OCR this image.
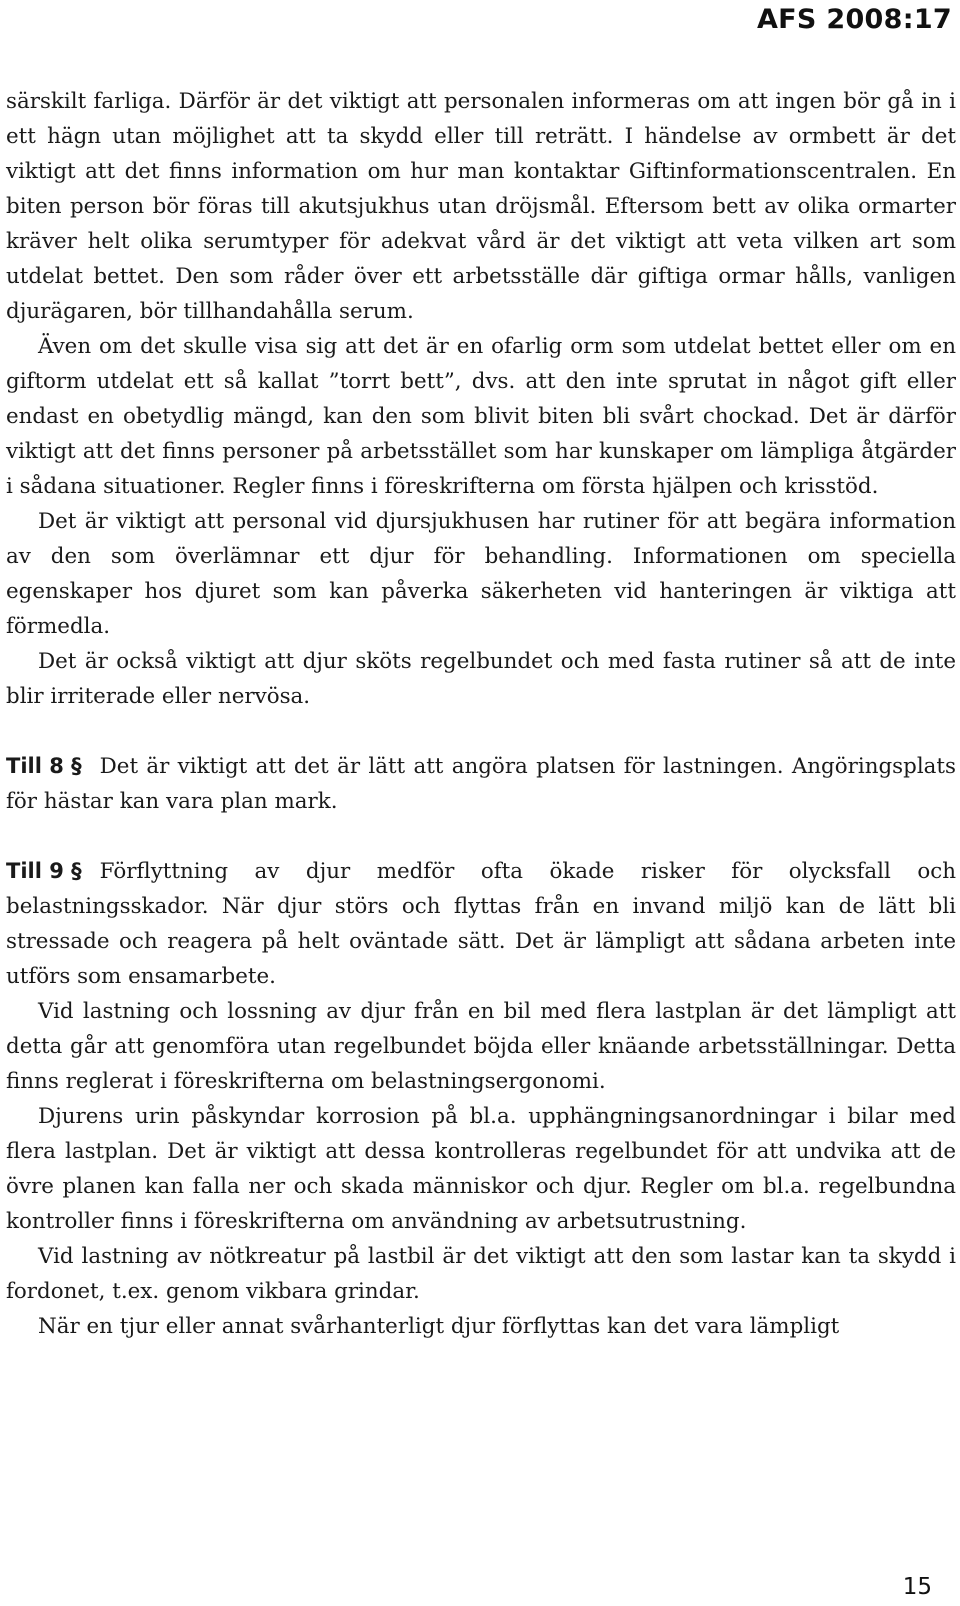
AFS 2008:17

särskilt farliga. Därför är det viktigt att personalen informeras om att ingen bör gå in i ett hägn utan möjlighet att ta skydd eller till reträtt. I händelse av ormbett är det viktigt att det finns information om hur man kontaktar Giftinformationscentralen. En biten person bör föras till akutsjukhus utan dröjsmål. Eftersom bett av olika ormarter kräver helt olika serumtyper för adekvat vård är det viktigt att veta vilken art som utdelat bettet. Den som råder över ett arbetsställe där giftiga ormar hålls, vanligen djurägaren, bör tillhandahålla serum.

Även om det skulle visa sig att det är en ofarlig orm som utdelat bettet eller om en giftorm utdelat ett så kallat ”torrt bett”, dvs. att den inte sprutat in något gift eller endast en obetydlig mängd, kan den som blivit biten bli svårt chockad. Det är därför viktigt att det finns personer på arbetsstället som har kunskaper om lämpliga åtgärder i sådana situationer. Regler finns i föreskrifterna om första hjälpen och krisstöd.

Det är viktigt att personal vid djursjukhusen har rutiner för att begära information av den som överlämnar ett djur för behandling. Informationen om speciella egenskaper hos djuret som kan påverka säkerheten vid hanteringen är viktiga att förmedla.

Det är också viktigt att djur sköts regelbundet och med fasta rutiner så att de inte blir irriterade eller nervösa.

Till 8 § Det är viktigt att det är lätt att angöra platsen för lastningen. Angöringsplats för hästar kan vara plan mark.

Till 9 § Förflyttning av djur medför ofta ökade risker för olycksfall och belastningsskador. När djur störs och flyttas från en invand miljö kan de lätt bli stressade och reagera på helt oväntade sätt. Det är lämpligt att sådana arbeten inte utförs som ensamarbete.

Vid lastning och lossning av djur från en bil med flera lastplan är det lämpligt att detta går att genomföra utan regelbundet böjda eller knäande arbetsställningar. Detta finns reglerat i föreskrifterna om belastningsergonomi.

Djurens urin påskyndar korrosion på bl.a. upphängningsanordningar i bilar med flera lastplan. Det är viktigt att dessa kontrolleras regelbundet för att undvika att de övre planen kan falla ner och skada människor och djur. Regler om bl.a. regelbundna kontroller finns i föreskrifterna om användning av arbetsutrustning.

Vid lastning av nötkreatur på lastbil är det viktigt att den som lastar kan ta skydd i fordonet, t.ex. genom vikbara grindar.

När en tjur eller annat svårhanterligt djur förflyttas kan det vara lämpligt

15
